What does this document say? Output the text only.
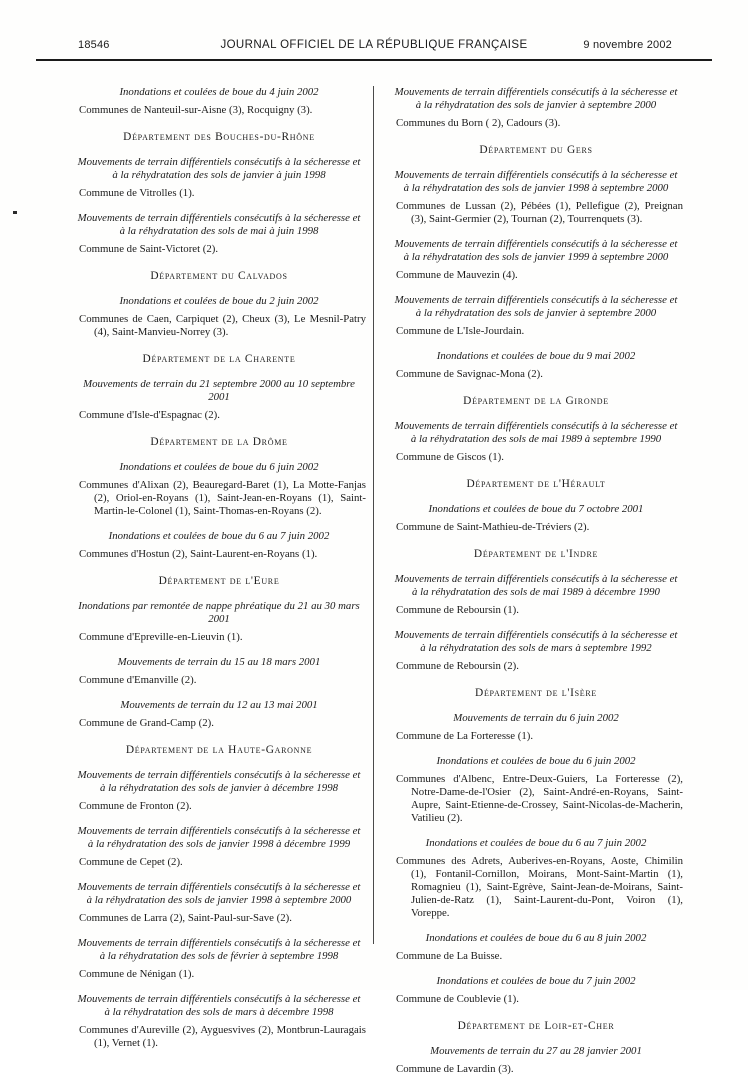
18546	JOURNAL OFFICIEL DE LA RÉPUBLIQUE FRANÇAISE	9 novembre 2002
Inondations et coulées de boue du 4 juin 2002
Communes de Nanteuil-sur-Aisne (3), Rocquigny (3).
Département des Bouches-du-Rhône
Mouvements de terrain différentiels consécutifs à la sécheresse et à la réhydratation des sols de janvier à juin 1998
Commune de Vitrolles (1).
Mouvements de terrain différentiels consécutifs à la sécheresse et à la réhydratation des sols de mai à juin 1998
Commune de Saint-Victoret (2).
Département du Calvados
Inondations et coulées de boue du 2 juin 2002
Communes de Caen, Carpiquet (2), Cheux (3), Le Mesnil-Patry (4), Saint-Manvieu-Norrey (3).
Département de la Charente
Mouvements de terrain du 21 septembre 2000 au 10 septembre 2001
Commune d'Isle-d'Espagnac (2).
Département de la Drôme
Inondations et coulées de boue du 6 juin 2002
Communes d'Alixan (2), Beauregard-Baret (1), La Motte-Fanjas (2), Oriol-en-Royans (1), Saint-Jean-en-Royans (1), Saint-Martin-le-Colonel (1), Saint-Thomas-en-Royans (2).
Inondations et coulées de boue du 6 au 7 juin 2002
Communes d'Hostun (2), Saint-Laurent-en-Royans (1).
Département de l'Eure
Inondations par remontée de nappe phréatique du 21 au 30 mars 2001
Commune d'Epreville-en-Lieuvin (1).
Mouvements de terrain du 15 au 18 mars 2001
Commune d'Emanville (2).
Mouvements de terrain du 12 au 13 mai 2001
Commune de Grand-Camp (2).
Département de la Haute-Garonne
Mouvements de terrain différentiels consécutifs à la sécheresse et à la réhydratation des sols de janvier à décembre 1998
Commune de Fronton (2).
Mouvements de terrain différentiels consécutifs à la sécheresse et à la réhydratation des sols de janvier 1998 à décembre 1999
Commune de Cepet (2).
Mouvements de terrain différentiels consécutifs à la sécheresse et à la réhydratation des sols de janvier 1998 à septembre 2000
Communes de Larra (2), Saint-Paul-sur-Save (2).
Mouvements de terrain différentiels consécutifs à la sécheresse et à la réhydratation des sols de février à septembre 1998
Commune de Nénigan (1).
Mouvements de terrain différentiels consécutifs à la sécheresse et à la réhydratation des sols de mars à décembre 1998
Communes d'Aureville (2), Ayguesvives (2), Montbrun-Lauragais (1), Vernet (1).
Mouvements de terrain différentiels consécutifs à la sécheresse et à la réhydratation des sols de janvier à septembre 2000
Communes du Born ( 2), Cadours (3).
Département du Gers
Mouvements de terrain différentiels consécutifs à la sécheresse et à la réhydratation des sols de janvier 1998 à septembre 2000
Communes de Lussan (2), Pébées (1), Pellefigue (2), Preignan (3), Saint-Germier (2), Tournan (2), Tourrenquets (3).
Mouvements de terrain différentiels consécutifs à la sécheresse et à la réhydratation des sols de janvier 1999 à septembre 2000
Commune de Mauvezin (4).
Mouvements de terrain différentiels consécutifs à la sécheresse et à la réhydratation des sols de janvier à septembre 2000
Commune de L'Isle-Jourdain.
Inondations et coulées de boue du 9 mai 2002
Commune de Savignac-Mona (2).
Département de la Gironde
Mouvements de terrain différentiels consécutifs à la sécheresse et à la réhydratation des sols de mai 1989 à septembre 1990
Commune de Giscos (1).
Département de l'Hérault
Inondations et coulées de boue du 7 octobre 2001
Commune de Saint-Mathieu-de-Tréviers (2).
Département de l'Indre
Mouvements de terrain différentiels consécutifs à la sécheresse et à la réhydratation des sols de mai 1989 à décembre 1990
Commune de Reboursin (1).
Mouvements de terrain différentiels consécutifs à la sécheresse et à la réhydratation des sols de mars à septembre 1992
Commune de Reboursin (2).
Département de l'Isère
Mouvements de terrain du 6 juin 2002
Commune de La Forteresse (1).
Inondations et coulées de boue du 6 juin 2002
Communes d'Albenc, Entre-Deux-Guiers, La Forteresse (2), Notre-Dame-de-l'Osier (2), Saint-André-en-Royans, Saint-Aupre, Saint-Etienne-de-Crossey, Saint-Nicolas-de-Macherin, Vatilieu (2).
Inondations et coulées de boue du 6 au 7 juin 2002
Communes des Adrets, Auberives-en-Royans, Aoste, Chimilin (1), Fontanil-Cornillon, Moirans, Mont-Saint-Martin (1), Romagnieu (1), Saint-Egrève, Saint-Jean-de-Moirans, Saint-Julien-de-Ratz (1), Saint-Laurent-du-Pont, Voiron (1), Voreppe.
Inondations et coulées de boue du 6 au 8 juin 2002
Commune de La Buisse.
Inondations et coulées de boue du 7 juin 2002
Commune de Coublevie (1).
Département de Loir-et-Cher
Mouvements de terrain du 27 au 28 janvier 2001
Commune de Lavardin (3).
